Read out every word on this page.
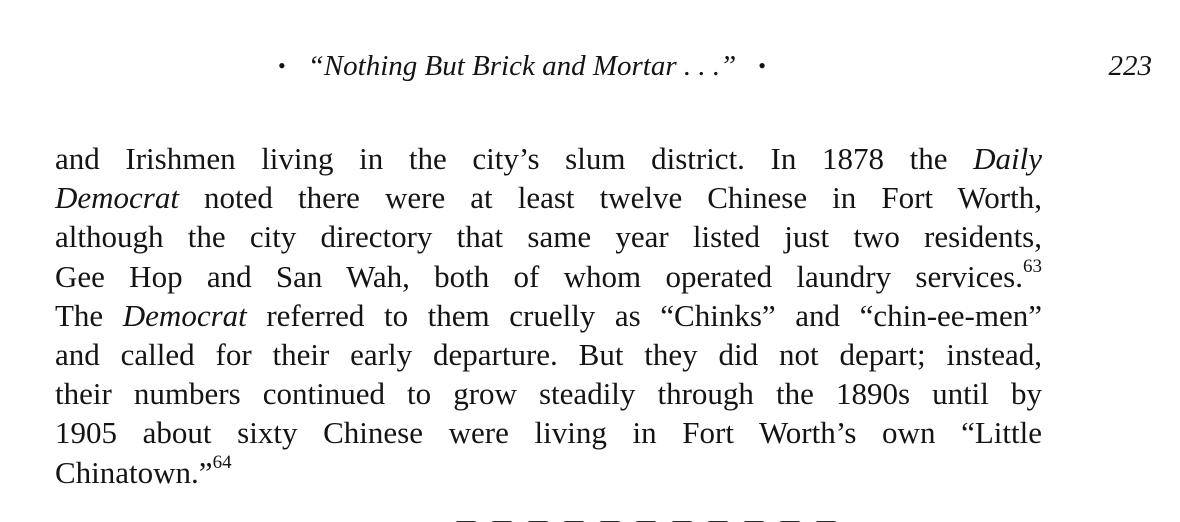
• “Nothing But Brick and Mortar . . .” •	223
and Irishmen living in the city’s slum district. In 1878 the Daily
Democrat noted there were at least twelve Chinese in Fort Worth,
although the city directory that same year listed just two residents,
Gee Hop and San Wah, both of whom operated laundry services.$^{63}$
The Democrat referred to them cruelly as “Chinks” and “chin-ee-men”
and called for their early departure. But they did not depart; instead,
their numbers continued to grow steadily through the 1890s until by
1905 about sixty Chinese were living in Fort Worth’s own “Little
Chinatown.”$^{64}$
